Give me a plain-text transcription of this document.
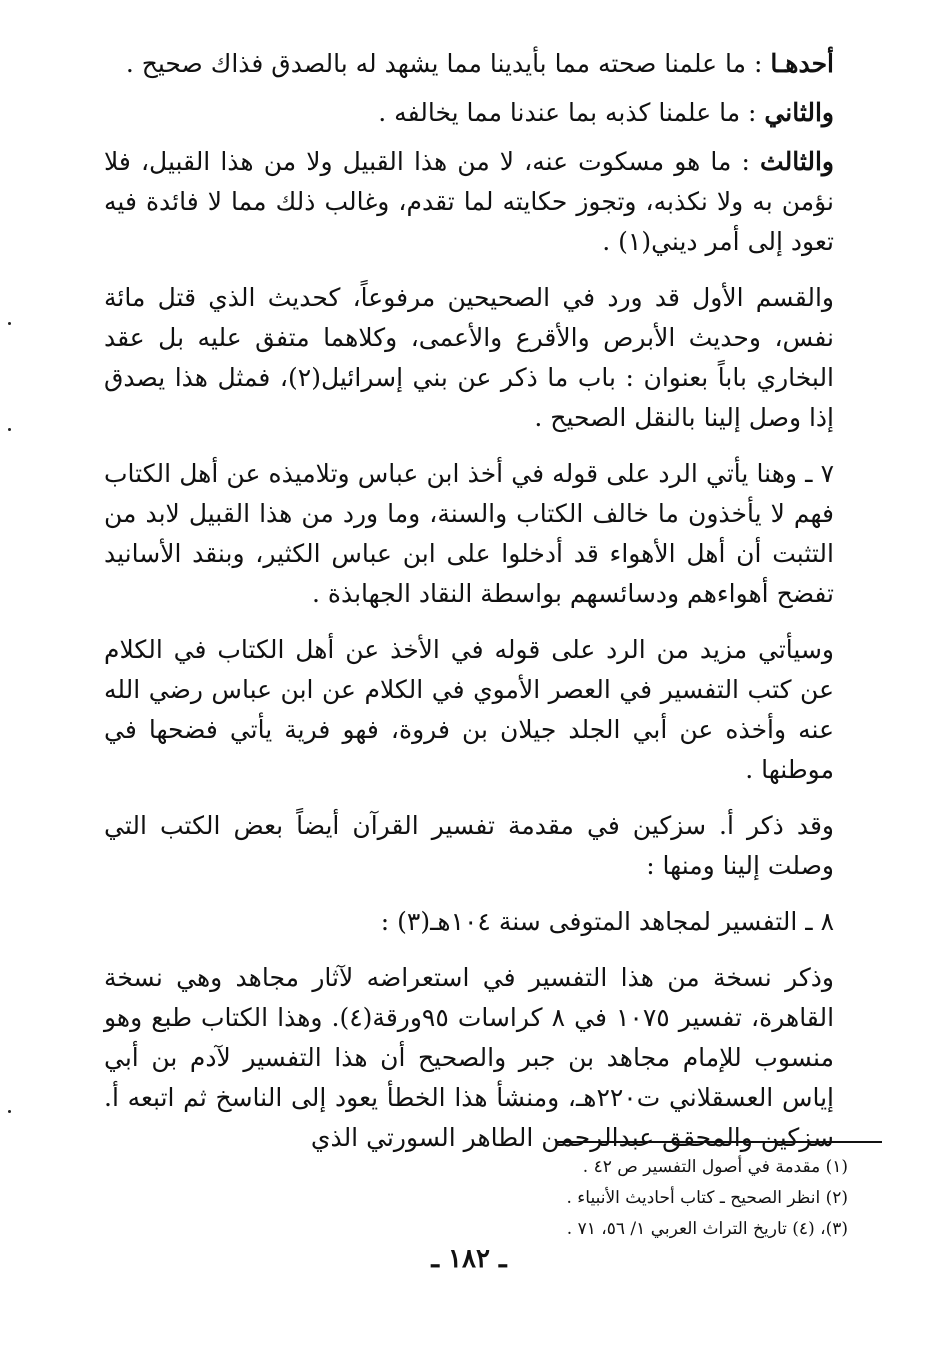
أحدهـا : ما علمنا صحته مما بأيدينا مما يشهد له بالصدق فذاك صحيح .

والثاني : ما علمنا كذبه بما عندنا مما يخالفه .

والثالث : ما هو مسكوت عنه، لا من هذا القبيل ولا من هذا القبيل، فلا نؤمن به ولا نكذبه، وتجوز حكايته لما تقدم، وغالب ذلك مما لا فائدة فيه تعود إلى أمر ديني(١) .

والقسم الأول قد ورد في الصحيحين مرفوعاً، كحديث الذي قتل مائة نفس، وحديث الأبرص والأقرع والأعمى، وكلاهما متفق عليه بل عقد البخاري باباً بعنوان : باب ما ذكر عن بني إسرائيل(٢)، فمثل هذا يصدق إذا وصل إلينا بالنقل الصحيح .

٧ ـ وهنا يأتي الرد على قوله في أخذ ابن عباس وتلاميذه عن أهل الكتاب فهم لا يأخذون ما خالف الكتاب والسنة، وما ورد من هذا القبيل لابد من التثبت أن أهل الأهواء قد أدخلوا على ابن عباس الكثير، وبنقد الأسانيد تفضح أهواءهم ودسائسهم بواسطة النقاد الجهابذة .

وسيأتي مزيد من الرد على قوله في الأخذ عن أهل الكتاب في الكلام عن كتب التفسير في العصر الأموي في الكلام عن ابن عباس رضي الله عنه وأخذه عن أبي الجلد جيلان بن فروة، فهو فرية يأتي فضحها في موطنها .

وقد ذكر أ. سزكين في مقدمة تفسير القرآن أيضاً بعض الكتب التي وصلت إلينا ومنها :

٨ ـ التفسير لمجاهد المتوفى سنة ١٠٤هـ(٣) :

وذكر نسخة من هذا التفسير في استعراضه لآثار مجاهد وهي نسخة القاهرة، تفسير ١٠٧٥ في ٨ كراسات ٩٥ورقة(٤). وهذا الكتاب طبع وهو منسوب للإمام مجاهد بن جبر والصحيح أن هذا التفسير لآدم بن أبي إياس العسقلاني ت٢٢٠هـ، ومنشأ هذا الخطأ يعود إلى الناسخ ثم اتبعه أ. سزكين والمحقق عبدالرحمن الطاهر السورتي الذي

(١) مقدمة في أصول التفسير ص ٤٢ .
(٢) انظر الصحيح ـ كتاب أحاديث الأنبياء .
(٣)، (٤) تاريخ التراث العربي ١/ ٥٦، ٧١ .
ـ ١٨٢ ـ
